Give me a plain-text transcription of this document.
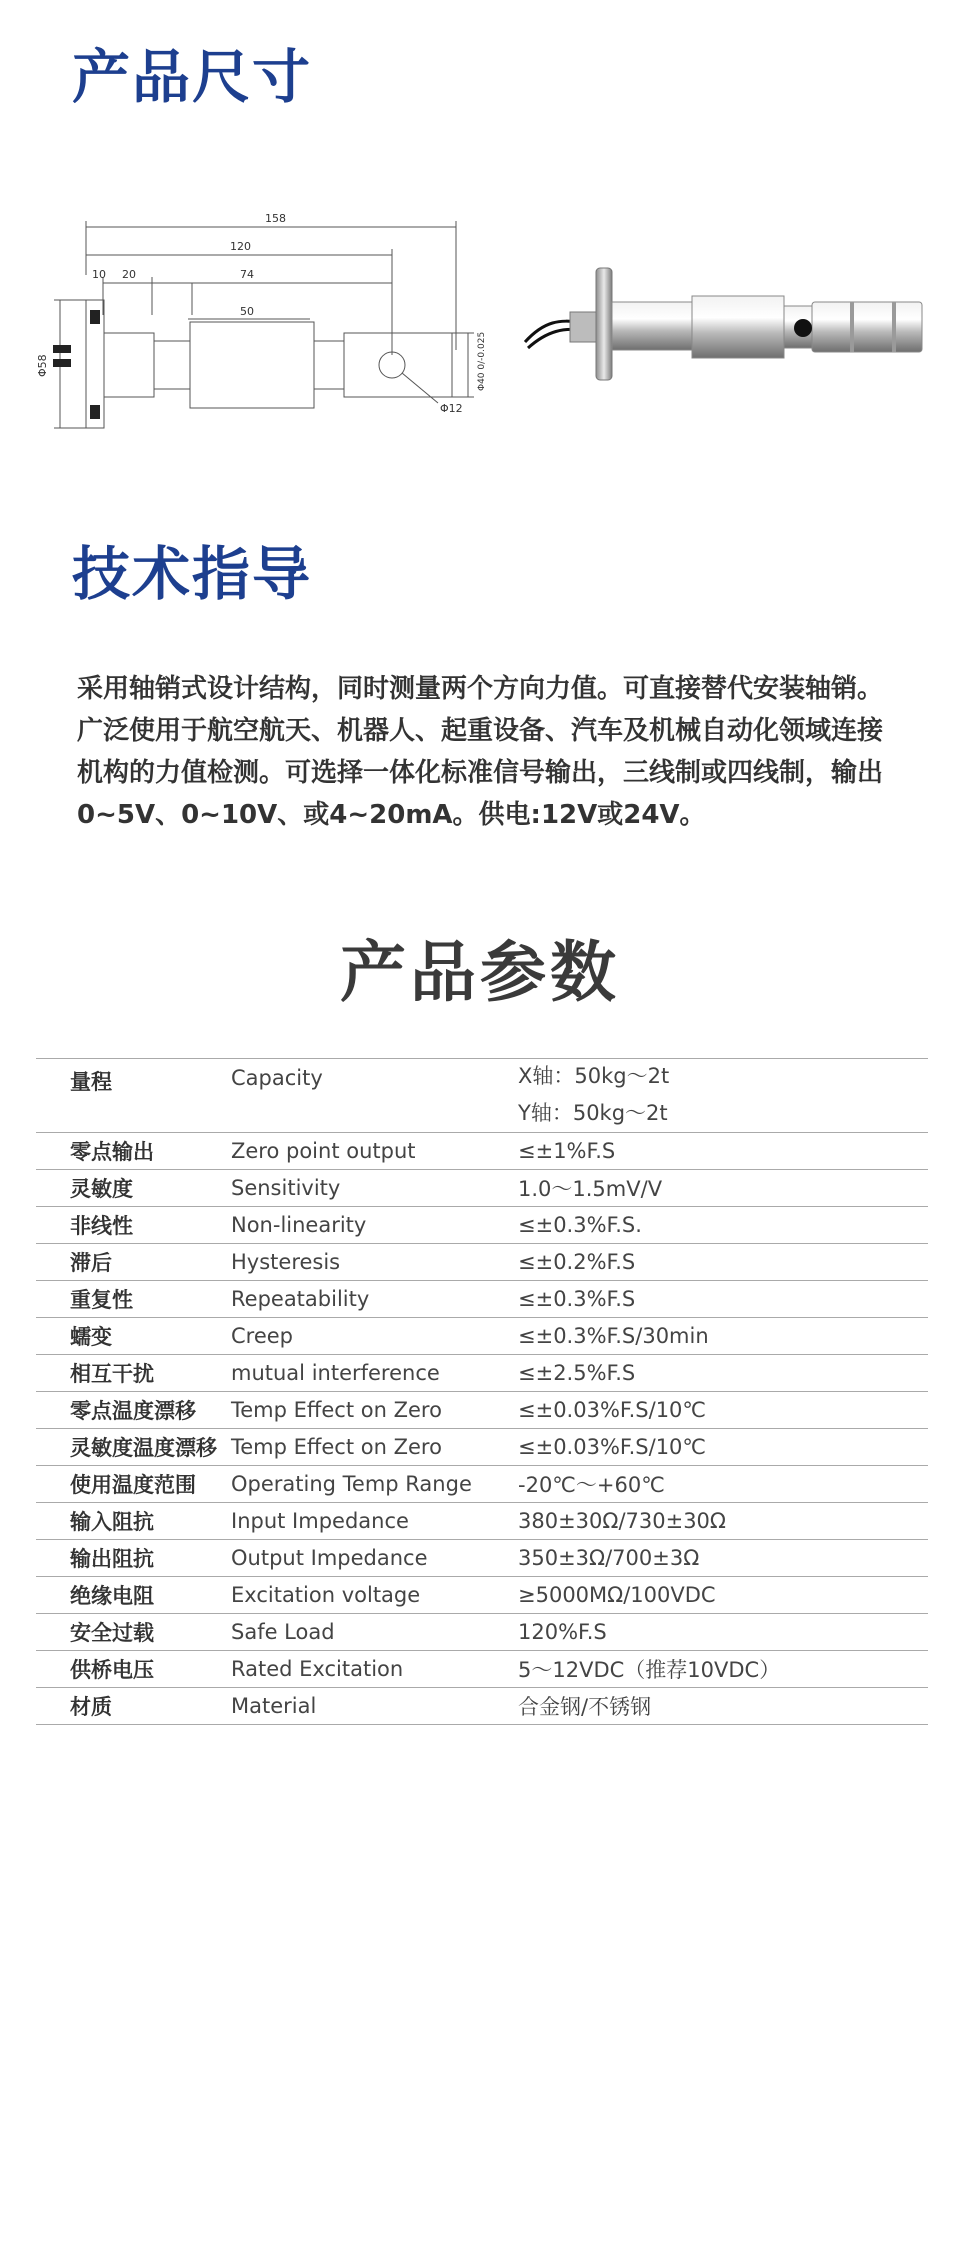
产品尺寸
158
120
74
50
10 20
Φ12
Φ58	Φ40 0/-0.025
技术指导
采用轴销式设计结构，同时测量两个方向力值。可直接替代安装轴销。广泛使用于航空航天、机器人、起重设备、汽车及机械自动化领域连接机构的力值检测。可选择一体化标准信号输出，三线制或四线制，输出0~5V、0~10V、或4~20mA。供电:12V或24V。
产品参数
量程	Capacity	X轴：50kg～2t
Y轴：50kg～2t

零点输出	Zero point output	≤±1%F.S
灵敏度	Sensitivity	1.0～1.5mV/V
非线性	Non-linearity	≤±0.3%F.S.
滞后	Hysteresis	≤±0.2%F.S
重复性	Repeatability	≤±0.3%F.S
蠕变	Creep	≤±0.3%F.S/30min
相互干扰	mutual interference	≤±2.5%F.S
零点温度漂移	Temp Effect on Zero	≤±0.03%F.S/10℃
灵敏度温度漂移	Temp Effect on Zero	≤±0.03%F.S/10℃
使用温度范围	Operating Temp Range	-20℃～+60℃
输入阻抗	Input Impedance	380±30Ω/730±30Ω
输出阻抗	Output Impedance	350±3Ω/700±3Ω
绝缘电阻	Excitation voltage	≥5000MΩ/100VDC
安全过载	Safe Load	120%F.S
供桥电压	Rated Excitation	5～12VDC（推荐10VDC）
材质	Material	合金钢/不锈钢
